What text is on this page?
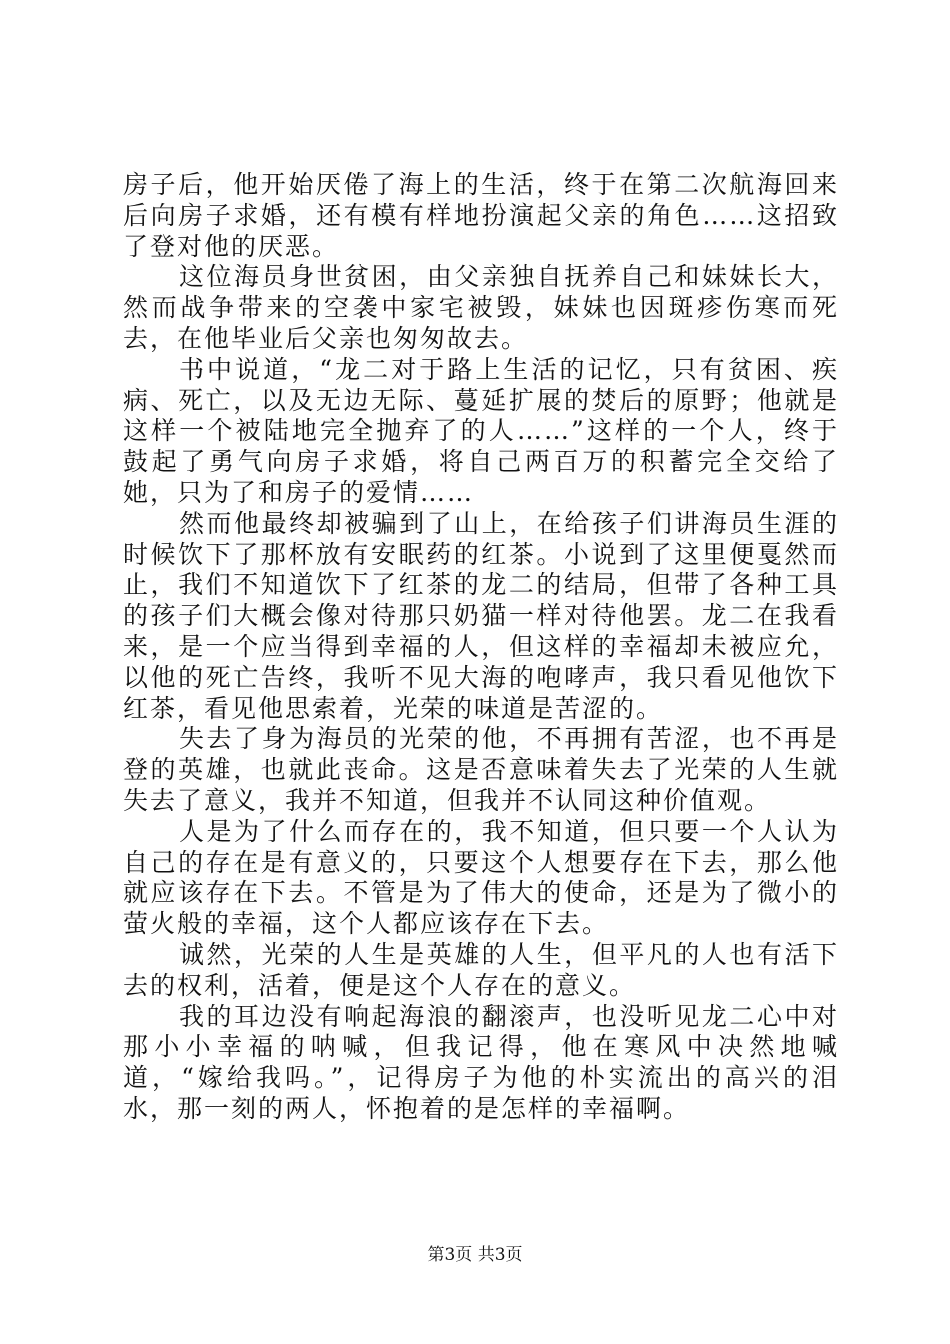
房子后，他开始厌倦了海上的生活，终于在第二次航海回来后向房子求婚，还有模有样地扮演起父亲的角色……这招致了登对他的厌恶。

这位海员身世贫困，由父亲独自抚养自己和妹妹长大，然而战争带来的空袭中家宅被毁，妹妹也因斑疹伤寒而死去，在他毕业后父亲也匆匆故去。

书中说道，“龙二对于路上生活的记忆，只有贫困、疾病、死亡，以及无边无际、蔓延扩展的焚后的原野；他就是这样一个被陆地完全抛弃了的人……”这样的一个人，终于鼓起了勇气向房子求婚，将自己两百万的积蓄完全交给了她，只为了和房子的爱情……

然而他最终却被骗到了山上，在给孩子们讲海员生涯的时候饮下了那杯放有安眠药的红茶。小说到了这里便戛然而止，我们不知道饮下了红茶的龙二的结局，但带了各种工具的孩子们大概会像对待那只奶猫一样对待他罢。龙二在我看来，是一个应当得到幸福的人，但这样的幸福却未被应允，以他的死亡告终，我听不见大海的咆哮声，我只看见他饮下红茶，看见他思索着，光荣的味道是苦涩的。

失去了身为海员的光荣的他，不再拥有苦涩，也不再是登的英雄，也就此丧命。这是否意味着失去了光荣的人生就失去了意义，我并不知道，但我并不认同这种价值观。

人是为了什么而存在的，我不知道，但只要一个人认为自己的存在是有意义的，只要这个人想要存在下去，那么他就应该存在下去。不管是为了伟大的使命，还是为了微小的萤火般的幸福，这个人都应该存在下去。

诚然，光荣的人生是英雄的人生，但平凡的人也有活下去的权利，活着，便是这个人存在的意义。

我的耳边没有响起海浪的翻滚声，也没听见龙二心中对那小小幸福的呐喊，但我记得，他在寒风中决然地喊道，“嫁给我吗。”，记得房子为他的朴实流出的高兴的泪水，那一刻的两人，怀抱着的是怎样的幸福啊。

第3页 共3页
